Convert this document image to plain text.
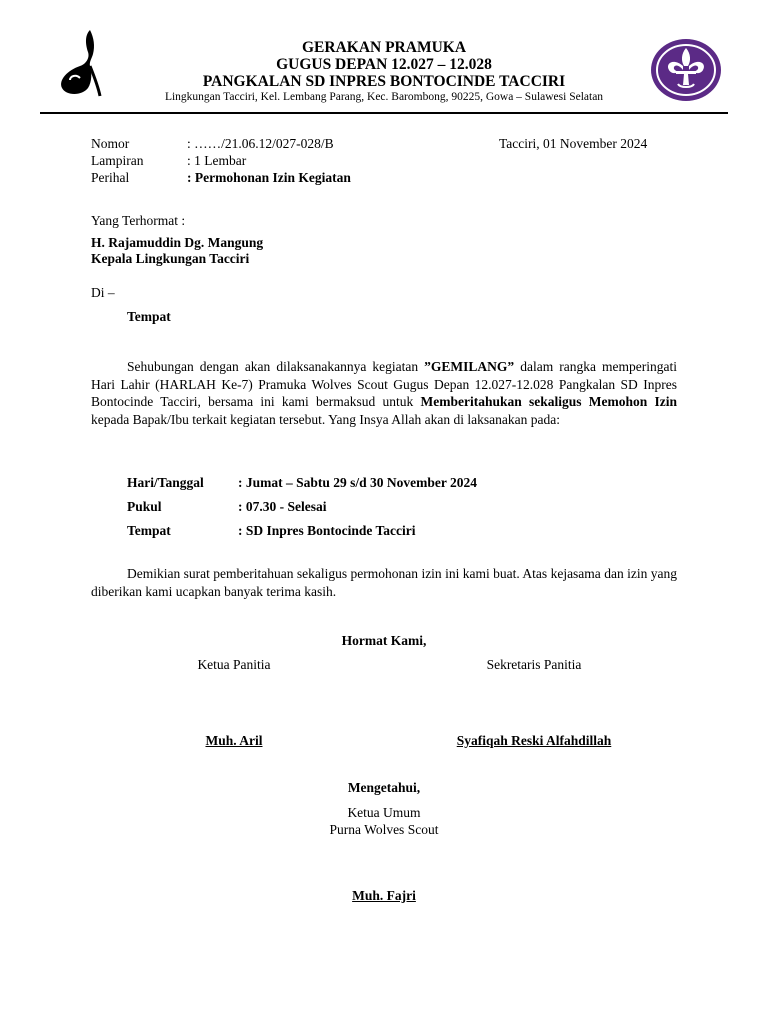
GERAKAN PRAMUKA
GUGUS DEPAN 12.027 – 12.028
PANGKALAN SD INPRES BONTOCINDE TACCIRI
Lingkungan Tacciri, Kel. Lembang Parang, Kec. Barombong, 90225, Gowa – Sulawesi Selatan
Nomor	: ……/21.06.12/027-028/B	Tacciri, 01 November 2024
Lampiran	: 1 Lembar
Perihal	: Permohonan Izin Kegiatan
Yang Terhormat :
H. Rajamuddin Dg. Mangung
Kepala Lingkungan Tacciri
Di –
Tempat
Sehubungan dengan akan dilaksanakannya kegiatan ”GEMILANG” dalam rangka memperingati Hari Lahir (HARLAH Ke-7) Pramuka Wolves Scout Gugus Depan 12.027-12.028 Pangkalan SD Inpres Bontocinde Tacciri, bersama ini kami bermaksud untuk Memberitahukan sekaligus Memohon Izin kepada Bapak/Ibu terkait kegiatan tersebut. Yang Insya Allah akan di laksanakan pada:
Hari/Tanggal	: Jumat – Sabtu 29 s/d 30 November 2024
Pukul	: 07.30 - Selesai
Tempat	: SD Inpres Bontocinde Tacciri
Demikian surat pemberitahuan sekaligus permohonan izin ini kami buat. Atas kejasama dan izin yang diberikan kami ucapkan banyak terima kasih.
Hormat Kami,
Ketua Panitia	Sekretaris Panitia
Muh. Aril	Syafiqah Reski Alfahdillah
Mengetahui,
Ketua Umum
Purna Wolves Scout
Muh. Fajri
